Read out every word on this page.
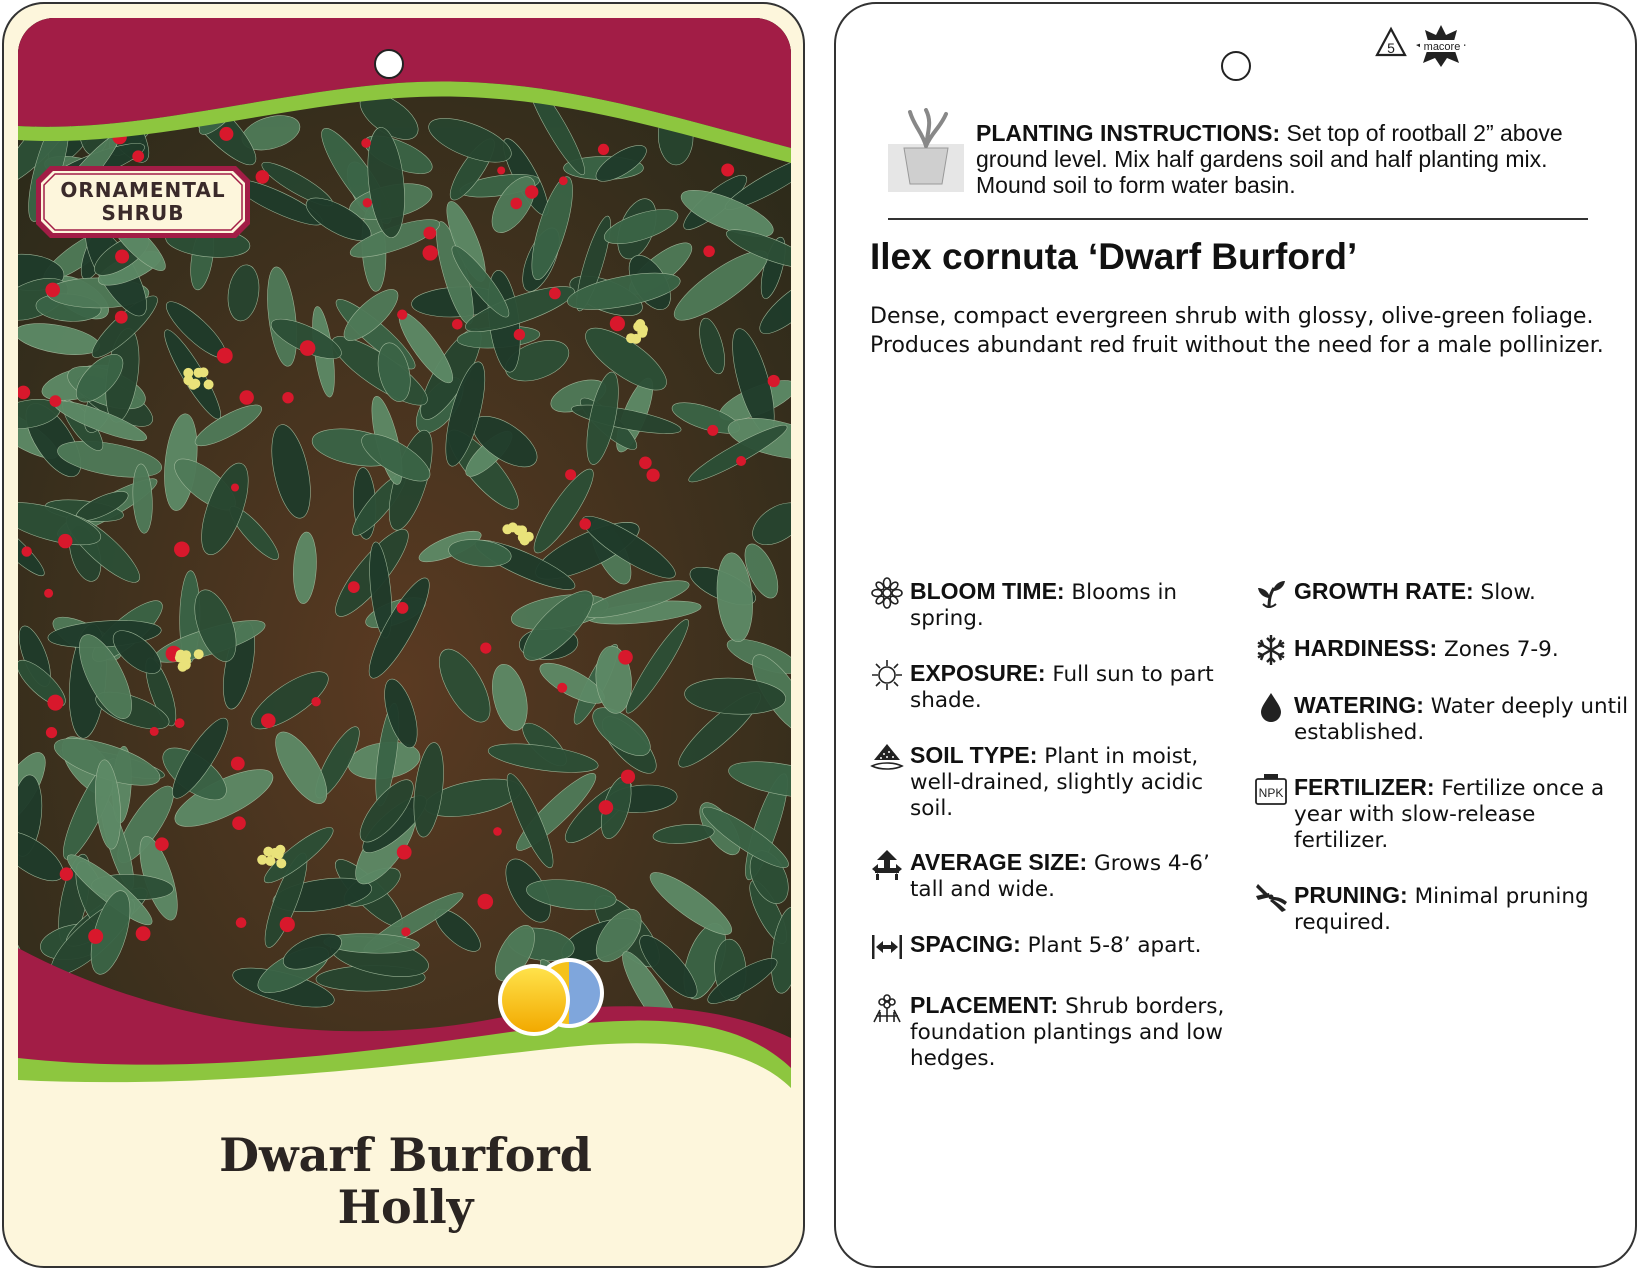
ORNAMENTAL
SHRUB
Dwarf Burford
Holly
5	macore
PLANTING INSTRUCTIONS: Set top of rootball 2” above ground level. Mix half gardens soil and half planting mix. Mound soil to form water basin.
Ilex cornuta ‘Dwarf Burford’
Dense, compact evergreen shrub with glossy, olive-green foliage. Produces abundant red fruit without the need for a male pollinizer.
BLOOM TIME: Blooms in spring.
EXPOSURE: Full sun to part shade.
SOIL TYPE: Plant in moist, well-drained, slightly acidic soil.
AVERAGE SIZE: Grows 4-6’ tall and wide.
SPACING: Plant 5-8’ apart.
PLACEMENT: Shrub borders, foundation plantings and low hedges.
GROWTH RATE: Slow.
HARDINESS: Zones 7-9.
WATERING: Water deeply until established.
NPK FERTILIZER: Fertilize once a year with slow-release fertilizer.
PRUNING: Minimal pruning required.
